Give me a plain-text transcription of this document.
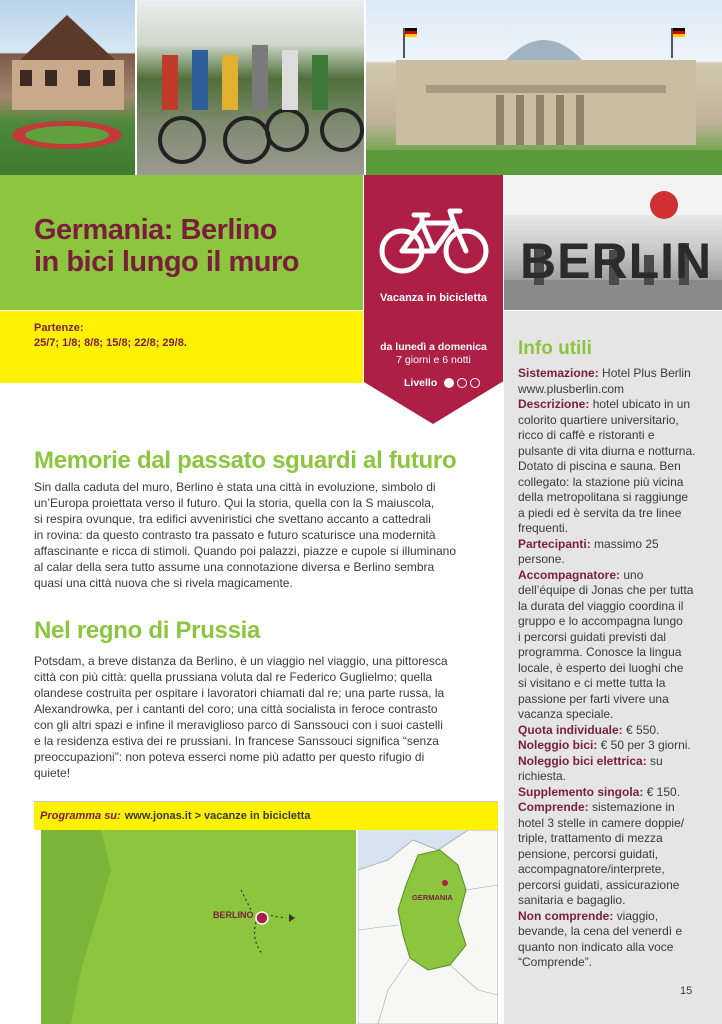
Germania: Berlino
in bici lungo il muro
Vacanza in bicicletta
da lunedì a domenica
7 giorni e 6 notti
Livello
BERLIN
Partenze:
25/7; 1/8; 8/8; 15/8; 22/8; 29/8.	Info utili
Sistemazione: Hotel Plus Berlin
www.plusberlin.com
Descrizione: hotel ubicato in un
colorito quartiere universitario,
ricco di caffè e ristoranti e
pulsante di vita diurna e notturna.
Dotato di piscina e sauna. Ben
collegato: la stazione più vicina
della metropolitana si raggiunge
a piedi ed è servita da tre linee
frequenti.
Partecipanti: massimo 25
persone.
Accompagnatore: uno
dell’équipe di Jonas che per tutta
la durata del viaggio coordina il
gruppo e lo accompagna lungo
i percorsi guidati previsti dal
programma. Conosce la lingua
locale, è esperto dei luoghi che
si visitano e ci mette tutta la
passione per farti vivere una
vacanza speciale.
Quota individuale: € 550.
Noleggio bici: € 50 per 3 giorni.
Noleggio bici elettrica: su
richiesta.
Supplemento singola: € 150.
Comprende: sistemazione in
hotel 3 stelle in camere doppie/
triple, trattamento di mezza
pensione, percorsi guidati,
accompagnatore/interprete,
percorsi guidati, assicurazione
sanitaria e bagaglio.
Non comprende: viaggio,
bevande, la cena del venerdì e
quanto non indicato alla voce
“Comprende”.
Memorie dal passato sguardi al futuro
Sin dalla caduta del muro, Berlino è stata una città in evoluzione, simbolo di
un’Europa proiettata verso il futuro. Qui la storia, quella con la S maiuscola,
si respira ovunque, tra edifici avveniristici che svettano accanto a cattedrali
in rovina: da questo contrasto tra passato e futuro scaturisce una modernità
affascinante e ricca di stimoli. Quando poi palazzi, piazze e cupole si illuminano
al calar della sera tutto assume una connotazione diversa e Berlino sembra
quasi una città nuova che si rivela magicamente.
Nel regno di Prussia
Potsdam, a breve distanza da Berlino, è un viaggio nel viaggio, una pittoresca
città con più città: quella prussiana voluta dal re Federico Guglielmo; quella
olandese costruita per ospitare i lavoratori chiamati dal re; una parte russa, la
Alexandrowka, per i cantanti del coro; una città socialista in feroce contrasto
con gli altri spazi e infine il meraviglioso parco di Sanssouci con i suoi castelli
e la residenza estiva dei re prussiani. In francese Sanssouci significa “senza
preoccupazioni”: non poteva esserci nome più adatto per questo rifugio di
quiete!
Programma su: www.jonas.it > vacanze in bicicletta
BERLINO
GERMANIA
15
